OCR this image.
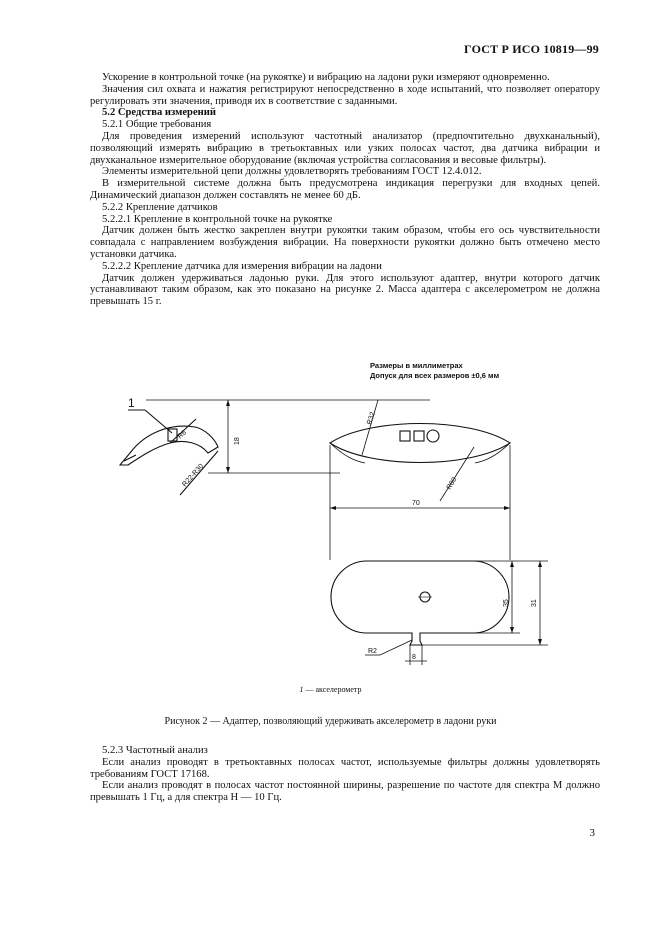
ГОСТ Р ИСО 10819—99

Ускорение в контрольной точке (на рукоятке) и вибрацию на ладони руки измеряют одновременно.

Значения сил охвата и нажатия регистрируют непосредственно в ходе испытаний, что позволяет оператору регулировать эти значения, приводя их в соответствие с заданными.

5.2 Средства измерений

5.2.1 Общие требования

Для проведения измерений используют частотный анализатор (предпочтительно двухканальный), позволяющий измерять вибрацию в третьоктавных или узких полосах частот, два датчика вибрации и двухканальное измерительное оборудование (включая устройства согласования и весовые фильтры).

Элементы измерительной цепи должны удовлетворять требованиям ГОСТ 12.4.012.

В измерительной системе должна быть предусмотрена индикация перегрузки для входных цепей. Динамический диапазон должен составлять не менее 60 дБ.

5.2.2 Крепление датчиков

5.2.2.1 Крепление в контрольной точке на рукоятке

Датчик должен быть жестко закреплен внутри рукоятки таким образом, чтобы его ось чувствительности совпадала с направлением возбуждения вибрации. На поверхности рукоятки должно быть отмечено место установки датчика.

5.2.2.2 Крепление датчика для измерения вибрации на ладони

Датчик должен удерживаться ладонью руки. Для этого используют адаптер, внутри которого датчик устанавливают таким образом, как это показано на рисунке 2. Масса адаптера с акселерометром не должна превышать 15 г.

Размеры в миллиметрах
Допуск для всех размеров ±0,6 мм
1
R6
R22-R30
18
R32
R80
70
35	31
8
R2
1 — акселерометр
Рисунок 2 — Адаптер, позволяющий удерживать акселерометр в ладони руки

5.2.3 Частотный анализ

Если анализ проводят в третьоктавных полосах частот, используемые фильтры должны удовлетворять требованиям ГОСТ 17168.

Если анализ проводят в полосах частот постоянной ширины, разрешение по частоте для спектра M должно превышать 1 Гц, а для спектра H — 10 Гц.

3
